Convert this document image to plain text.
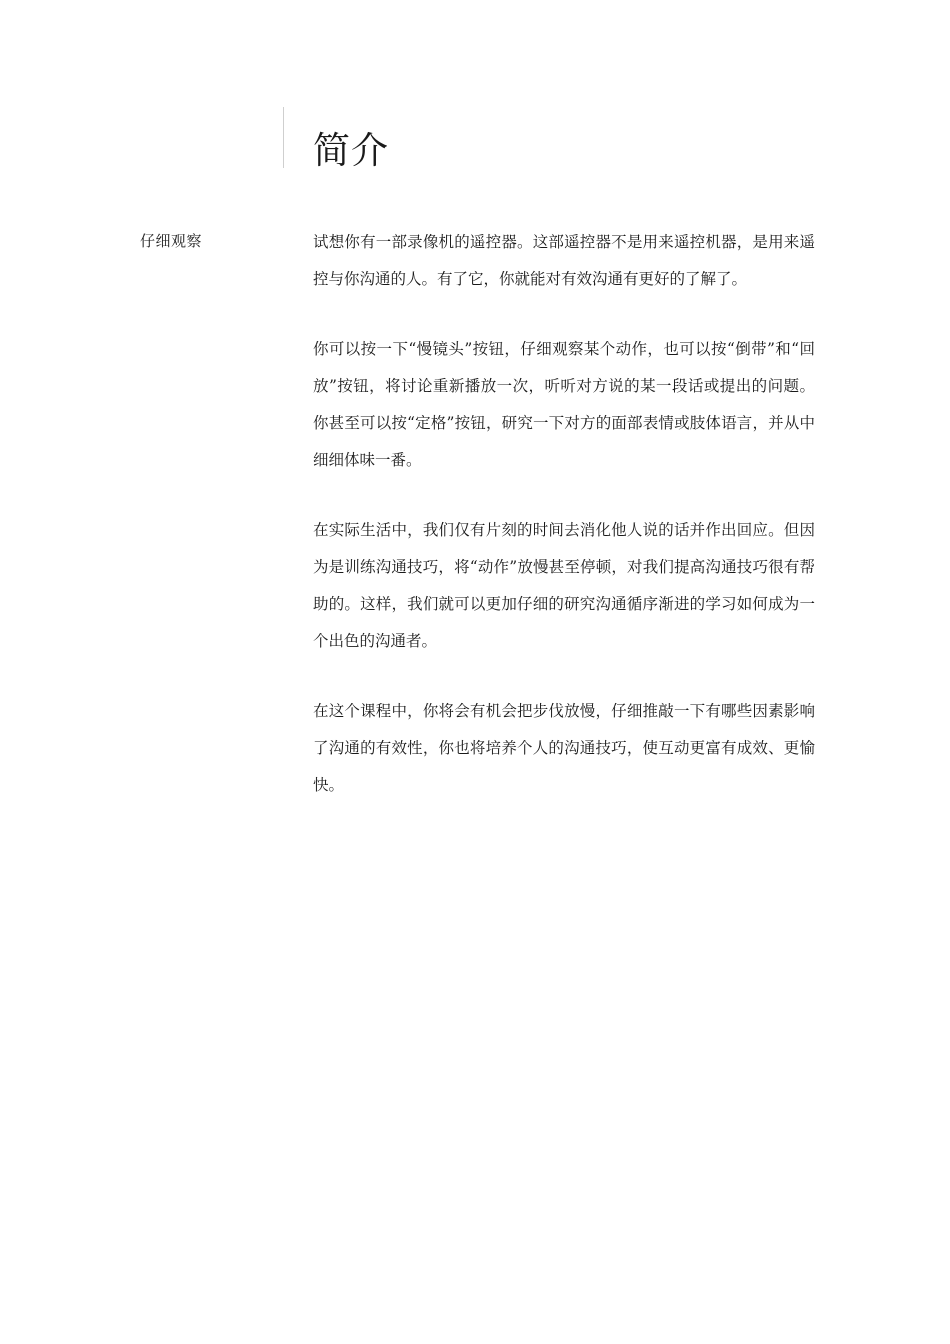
简介
仔细观察	试想你有一部录像机的遥控器。这部遥控器不是用来遥控机器，是用来遥控与你沟通的人。有了它，你就能对有效沟通有更好的了解了。

你可以按一下“慢镜头”按钮，仔细观察某个动作，也可以按“倒带”和“回放”按钮，将讨论重新播放一次，听听对方说的某一段话或提出的问题。你甚至可以按“定格”按钮，研究一下对方的面部表情或肢体语言，并从中细细体味一番。

在实际生活中，我们仅有片刻的时间去消化他人说的话并作出回应。但因为是训练沟通技巧，将“动作”放慢甚至停顿，对我们提高沟通技巧很有帮助的。这样，我们就可以更加仔细的研究沟通循序渐进的学习如何成为一个出色的沟通者。

在这个课程中，你将会有机会把步伐放慢，仔细推敲一下有哪些因素影响了沟通的有效性，你也将培养个人的沟通技巧，使互动更富有成效、更愉快。
